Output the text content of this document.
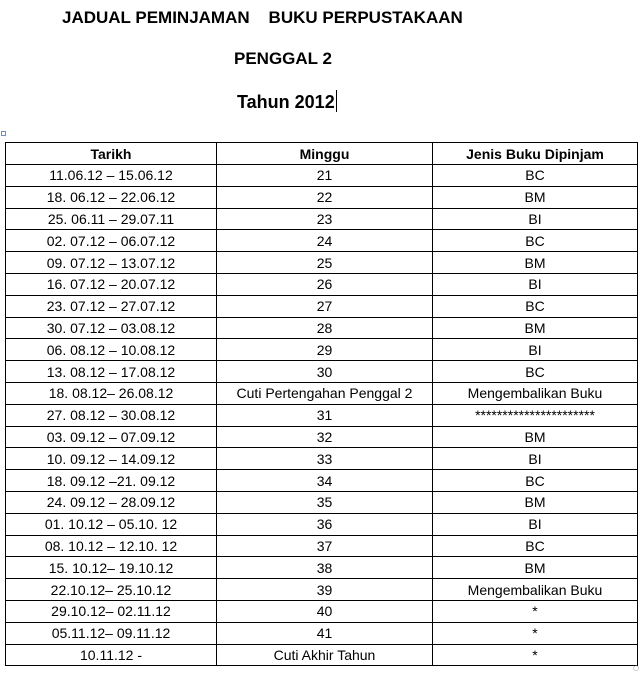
JADUAL PEMINJAMAN    BUKU PERPUSTAKAAN
PENGGAL 2
Tahun 2012
Tarikh	Minggu	Jenis Buku Dipinjam
11.06.12 – 15.06.12	21	BC
18. 06.12 – 22.06.12	22	BM
25. 06.11 – 29.07.11	23	BI
02. 07.12 – 06.07.12	24	BC
09. 07.12 – 13.07.12	25	BM
16. 07.12 – 20.07.12	26	BI
23. 07.12 – 27.07.12	27	BC
30. 07.12 – 03.08.12	28	BM
06. 08.12 – 10.08.12	29	BI
13. 08.12 – 17.08.12	30	BC
18. 08.12– 26.08.12	Cuti Pertengahan Penggal 2	Mengembalikan Buku
27. 08.12 – 30.08.12	31	**********************
03. 09.12 – 07.09.12	32	BM
10. 09.12 – 14.09.12	33	BI
18. 09.12 –21. 09.12	34	BC
24. 09.12 – 28.09.12	35	BM
01. 10.12 – 05.10. 12	36	BI
08. 10.12 – 12.10. 12	37	BC
15. 10.12– 19.10.12	38	BM
22.10.12– 25.10.12	39	Mengembalikan Buku
29.10.12– 02.11.12	40	*
05.11.12– 09.11.12	41	*
10.11.12 -	Cuti Akhir Tahun	*
○
